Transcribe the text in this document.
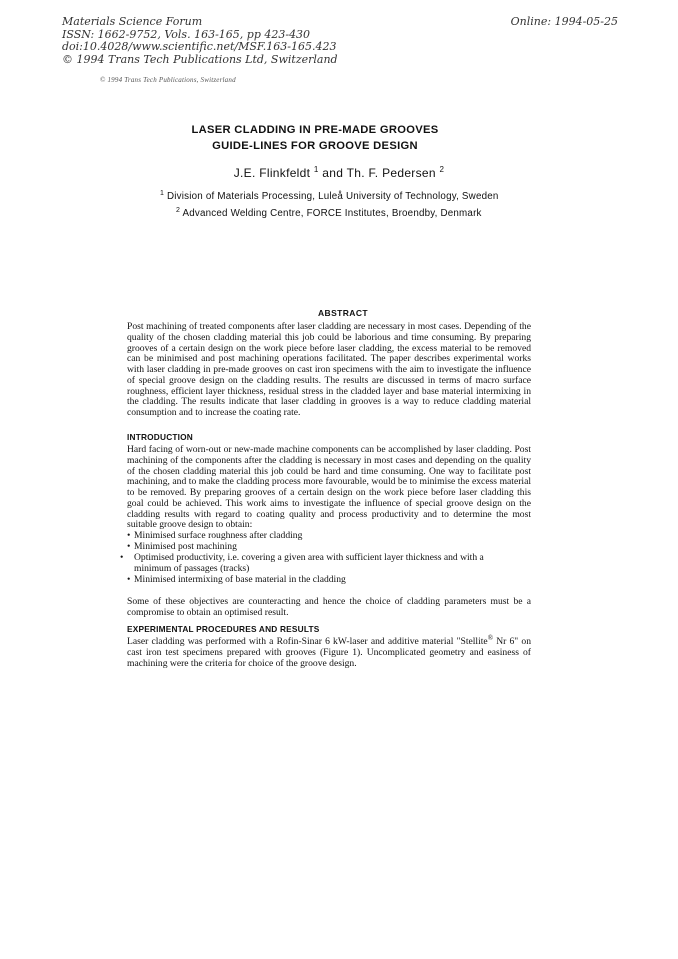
Materials Science Forum
ISSN: 1662-9752, Vols. 163-165, pp 423-430
doi:10.4028/www.scientific.net/MSF.163-165.423
© 1994 Trans Tech Publications Ltd, Switzerland
Online: 1994-05-25
© 1994 Trans Tech Publications, Switzerland
LASER CLADDING IN PRE-MADE GROOVES
GUIDE-LINES FOR GROOVE DESIGN
J.E. Flinkfeldt $^1$ and Th. F. Pedersen $^2$
$^1$ Division of Materials Processing, Luleå University of Technology, Sweden
$^2$ Advanced Welding Centre, FORCE Institutes, Broendby, Denmark
ABSTRACT
Post machining of treated components after laser cladding are necessary in most cases. Depending of the quality of the chosen cladding material this job could be laborious and time consuming. By preparing grooves of a certain design on the work piece before laser cladding, the excess material to be removed can be minimised and post machining operations facilitated. The paper describes experimental works with laser cladding in pre-made grooves on cast iron specimens with the aim to investigate the influence of special groove design on the cladding results. The results are discussed in terms of macro surface roughness, efficient layer thickness, residual stress in the cladded layer and base material intermixing in the cladding. The results indicate that laser cladding in grooves is a way to reduce cladding material consumption and to increase the coating rate.
INTRODUCTION
Hard facing of worn-out or new-made machine components can be accomplished by laser cladding. Post machining of the components after the cladding is necessary in most cases and depending on the quality of the chosen cladding material this job could be hard and time consuming. One way to facilitate post machining, and to make the cladding process more favourable, would be to minimise the excess material to be removed. By preparing grooves of a certain design on the work piece before laser cladding this goal could be achieved. This work aims to investigate the influence of special groove design on the cladding results with regard to coating quality and process productivity and to determine the most suitable groove design to obtain:
• Minimised surface roughness after cladding
• Minimised post machining
• Optimised productivity, i.e. covering a given area with sufficient layer thickness and with a minimum of passages (tracks)
• Minimised intermixing of base material in the cladding
Some of these objectives are counteracting and hence the choice of cladding parameters must be a compromise to obtain an optimised result.
EXPERIMENTAL PROCEDURES AND RESULTS
Laser cladding was performed with a Rofin-Sinar 6 kW-laser and additive material "Stellite® Nr 6" on cast iron test specimens prepared with grooves (Figure 1). Uncomplicated geometry and easiness of machining were the criteria for choice of the groove design.
